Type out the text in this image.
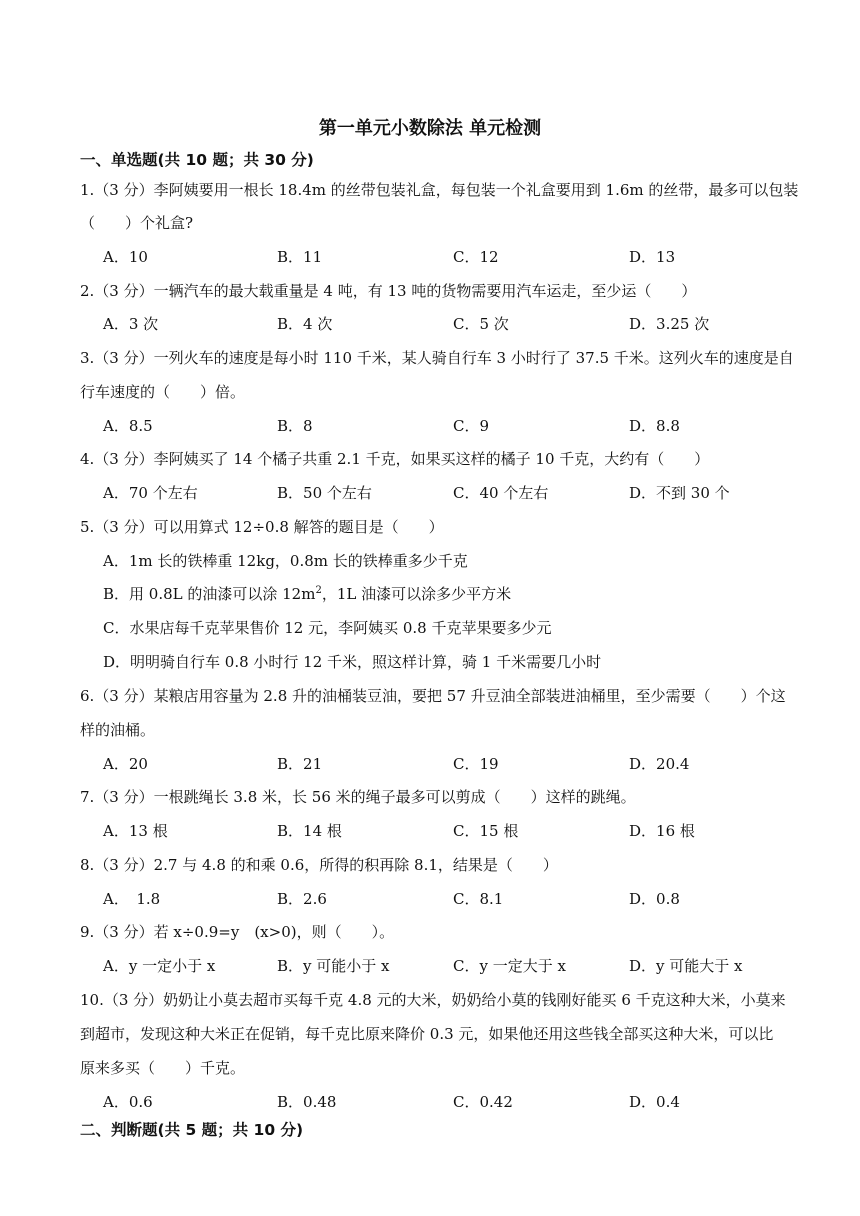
第一单元小数除法 单元检测
一、单选题(共 10 题；共 30 分)
1.（3 分）李阿姨要用一根长 18.4m 的丝带包装礼盒，每包装一个礼盒要用到 1.6m 的丝带，最多可以包装
（　　）个礼盒?
A．10	B．11	C．12	D．13
2.（3 分）一辆汽车的最大载重量是 4 吨，有 13 吨的货物需要用汽车运走，至少运（　　）
A．3 次	B．4 次	C．5 次	D．3.25 次
3.（3 分）一列火车的速度是每小时 110 千米，某人骑自行车 3 小时行了 37.5 千米。这列火车的速度是自
行车速度的（　　）倍。
A．8.5	B．8	C．9	D．8.8
4.（3 分）李阿姨买了 14 个橘子共重 2.1 千克，如果买这样的橘子 10 千克，大约有（　　）
A．70 个左右	B．50 个左右	C．40 个左右	D．不到 30 个
5.（3 分）可以用算式 12÷0.8 解答的题目是（　　）
A．1m 长的铁棒重 12kg，0.8m 长的铁棒重多少千克
B．用 0.8L 的油漆可以涂 $12m^2$，1L 油漆可以涂多少平方米
C．水果店每千克苹果售价 12 元，李阿姨买 0.8 千克苹果要多少元
D．明明骑自行车 0.8 小时行 12 千米，照这样计算，骑 1 千米需要几小时
6.（3 分）某粮店用容量为 2.8 升的油桶装豆油，要把 57 升豆油全部装进油桶里，至少需要（　　）个这
样的油桶。
A．20	B．21	C．19	D．20.4
7.（3 分）一根跳绳长 3.8 米，长 56 米的绳子最多可以剪成（　　）这样的跳绳。
A．13 根	B．14 根	C．15 根	D．16 根
8.（3 分）2.7 与 4.8 的和乘 0.6，所得的积再除 8.1，结果是（　　）
A．　1.8	B．2.6	C．8.1	D．0.8
9.（3 分）若 x÷0.9=y　(x>0)，则（　　）。
A．y 一定小于 x	B．y 可能小于 x	C．y 一定大于 x	D．y 可能大于 x
10.（3 分）奶奶让小莫去超市买每千克 4.8 元的大米，奶奶给小莫的钱刚好能买 6 千克这种大米，小莫来
到超市，发现这种大米正在促销，每千克比原来降价 0.3 元，如果他还用这些钱全部买这种大米，可以比
原来多买（　　）千克。
A．0.6	B．0.48	C．0.42	D．0.4
二、判断题(共 5 题；共 10 分)
